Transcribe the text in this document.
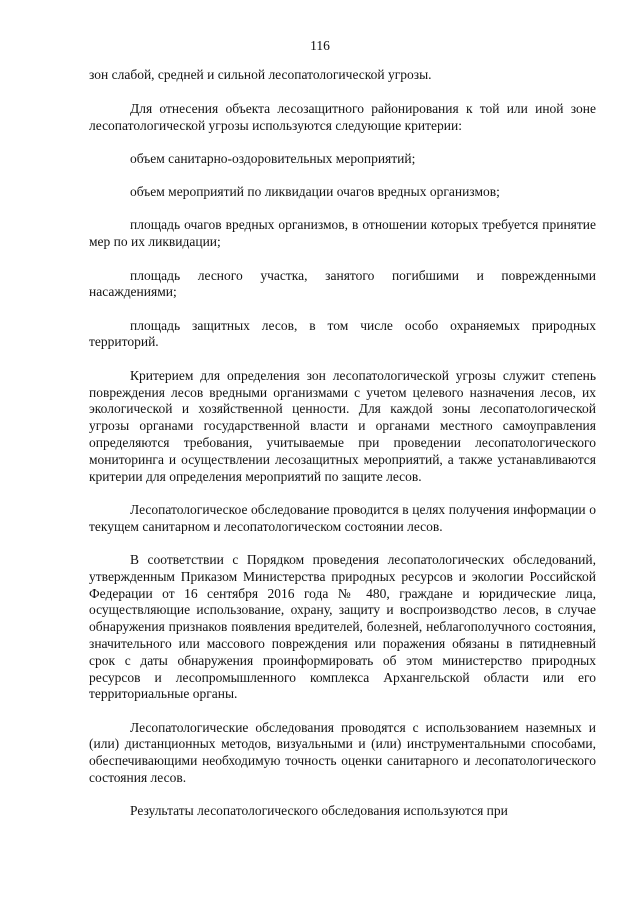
116

зон слабой, средней и сильной лесопатологической угрозы.

Для отнесения объекта лесозащитного районирования к той или иной зоне лесопатологической угрозы используются следующие критерии:

объем санитарно-оздоровительных мероприятий;

объем мероприятий по ликвидации очагов вредных организмов;

площадь очагов вредных организмов, в отношении которых требуется принятие мер по их ликвидации;

площадь лесного участка, занятого погибшими и поврежденными насаждениями;

площадь защитных лесов, в том числе особо охраняемых природных территорий.

Критерием для определения зон лесопатологической угрозы служит степень повреждения лесов вредными организмами с учетом целевого назначения лесов, их экологической и хозяйственной ценности. Для каждой зоны лесопатологической угрозы органами государственной власти и органами местного самоуправления определяются требования, учитываемые при проведении лесопатологического мониторинга и осуществлении лесозащитных мероприятий, а также устанавливаются критерии для определения мероприятий по защите лесов.

Лесопатологическое обследование проводится в целях получения информации о текущем санитарном и лесопатологическом состоянии лесов.

В соответствии с Порядком проведения лесопатологических обследований, утвержденным Приказом Министерства природных ресурсов и экологии Российской Федерации от 16 сентября 2016 года № 480, граждане и юридические лица, осуществляющие использование, охрану, защиту и воспроизводство лесов, в случае обнаружения признаков появления вредителей, болезней, неблагополучного состояния, значительного или массового повреждения или поражения обязаны в пятидневный срок с даты обнаружения проинформировать об этом министерство природных ресурсов и лесопромышленного комплекса Архангельской области или его территориальные органы.

Лесопатологические обследования проводятся с использованием наземных и (или) дистанционных методов, визуальными и (или) инструментальными способами, обеспечивающими необходимую точность оценки санитарного и лесопатологического состояния лесов.

Результаты лесопатологического обследования используются при
